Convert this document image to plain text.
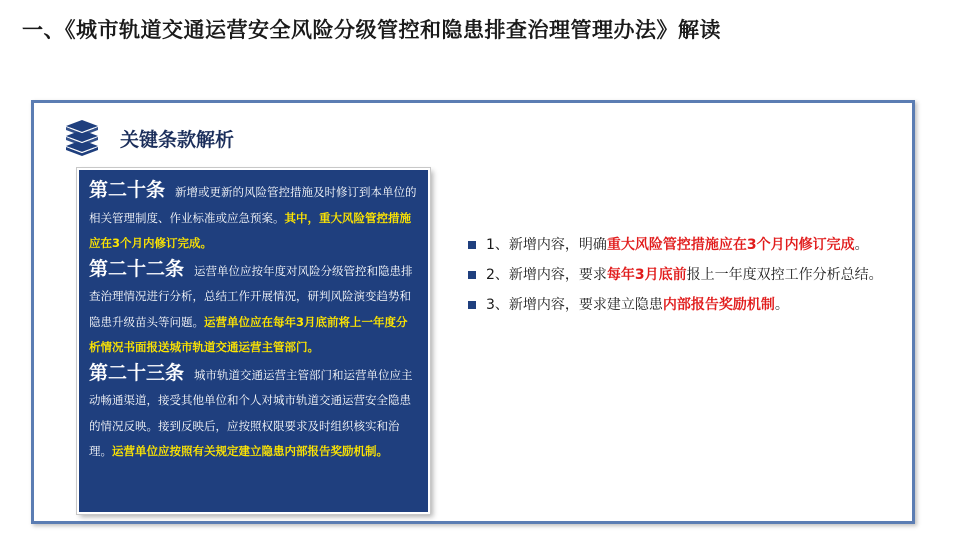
一、《城市轨道交通运营安全风险分级管控和隐患排查治理管理办法》解读
关键条款解析

第二十条 新增或更新的风险管控措施及时修订到本单位的相关管理制度、作业标准或应急预案。其中，重大风险管控措施应在3个月内修订完成。

第二十二条 运营单位应按年度对风险分级管控和隐患排查治理情况进行分析，总结工作开展情况，研判风险演变趋势和隐患升级苗头等问题。运营单位应在每年3月底前将上一年度分析情况书面报送城市轨道交通运营主管部门。

第二十三条 城市轨道交通运营主管部门和运营单位应主动畅通渠道，接受其他单位和个人对城市轨道交通运营安全隐患的情况反映。接到反映后，应按照权限要求及时组织核实和治理。运营单位应按照有关规定建立隐患内部报告奖励机制。

1、新增内容，明确重大风险管控措施应在3个月内修订完成。
2、新增内容，要求每年3月底前报上一年度双控工作分析总结。
3、新增内容，要求建立隐患内部报告奖励机制。
